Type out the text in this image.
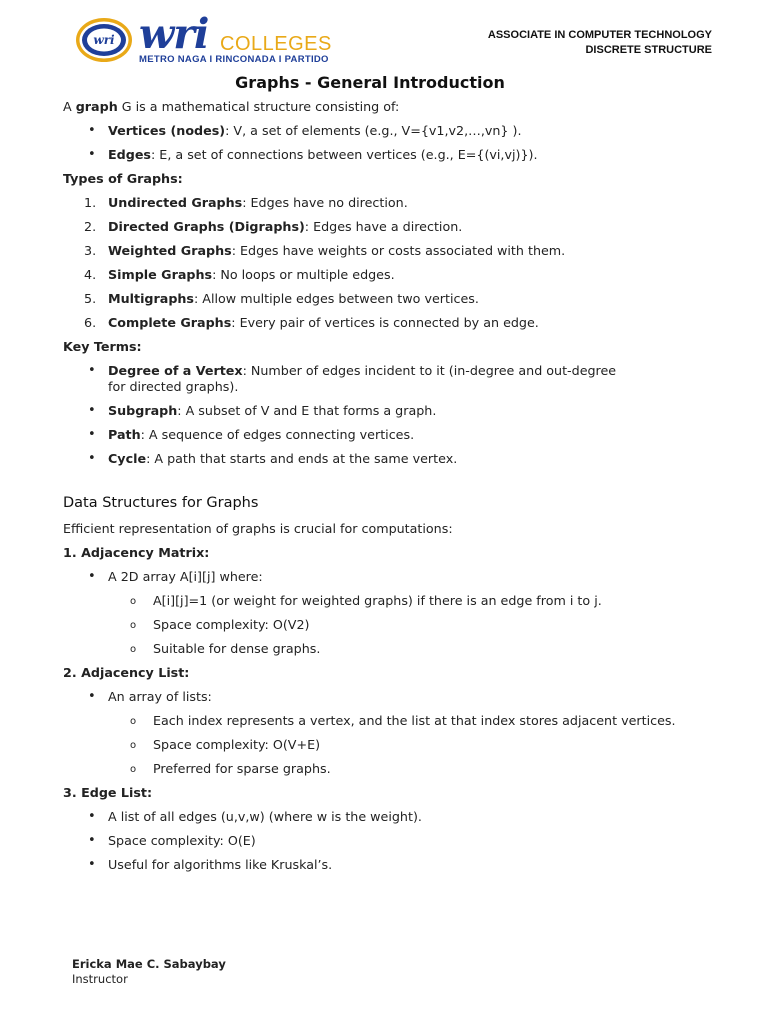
wri wri COLLEGES
METRO NAGA I RINCONADA I PARTIDO
ASSOCIATE IN COMPUTER TECHNOLOGY
DISCRETE STRUCTURE
Graphs - General Introduction

A graph G is a mathematical structure consisting of:

• Vertices (nodes): V, a set of elements (e.g., V={v1,v2,…,vn} ).
• Edges: E, a set of connections between vertices (e.g., E={(vi,vj)}).

Types of Graphs:

1. Undirected Graphs: Edges have no direction.
2. Directed Graphs (Digraphs): Edges have a direction.
3. Weighted Graphs: Edges have weights or costs associated with them.
4. Simple Graphs: No loops or multiple edges.
5. Multigraphs: Allow multiple edges between two vertices.
6. Complete Graphs: Every pair of vertices is connected by an edge.

Key Terms:

• Degree of a Vertex: Number of edges incident to it (in-degree and out-degree for directed graphs).
• Subgraph: A subset of V and E that forms a graph.
• Path: A sequence of edges connecting vertices.
• Cycle: A path that starts and ends at the same vertex.
Data Structures for Graphs

Efficient representation of graphs is crucial for computations:

1. Adjacency Matrix:

• A 2D array A[i][j] where:
o A[i][j]=1 (or weight for weighted graphs) if there is an edge from i to j.
o Space complexity: O(V2)
o Suitable for dense graphs.

2. Adjacency List:

• An array of lists:
o Each index represents a vertex, and the list at that index stores adjacent vertices.
o Space complexity: O(V+E)
o Preferred for sparse graphs.

3. Edge List:

• A list of all edges (u,v,w) (where w is the weight).
• Space complexity: O(E)
• Useful for algorithms like Kruskal’s.
Ericka Mae C. Sabaybay
Instructor
